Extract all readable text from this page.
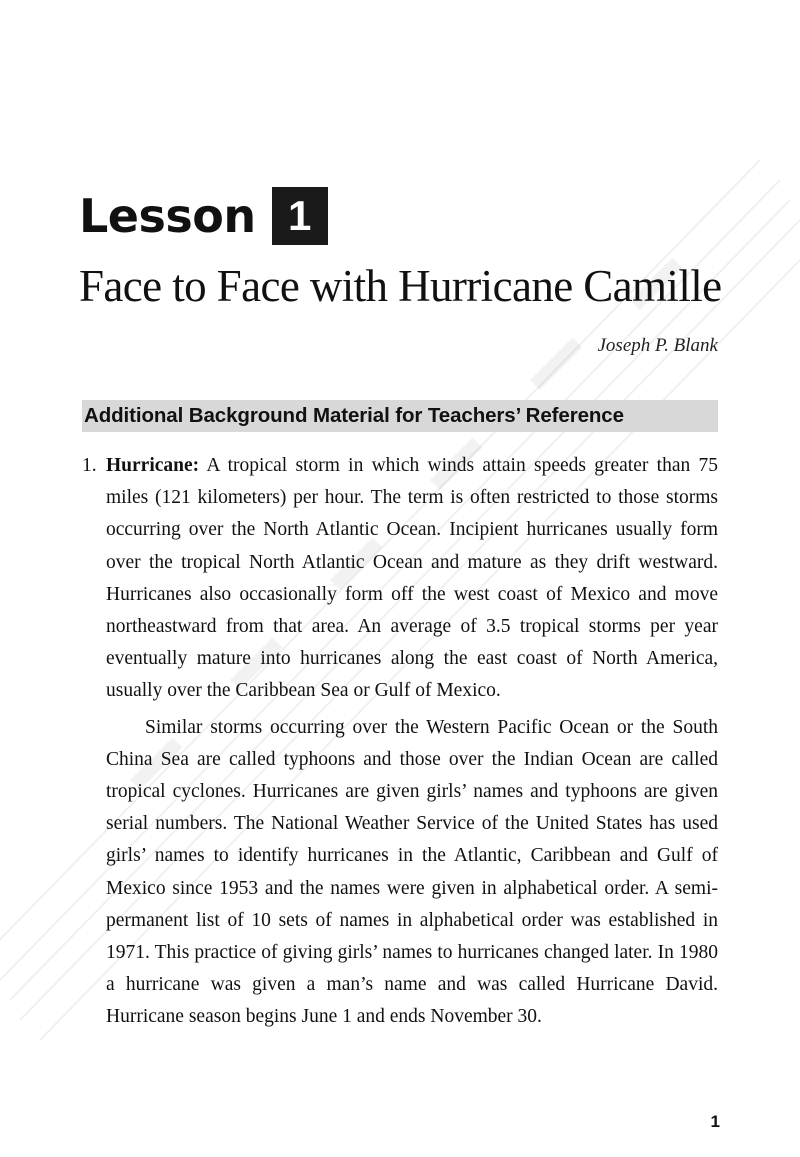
Lesson 1
Face to Face with Hurricane Camille
Joseph P. Blank
Additional Background Material for Teachers’ Reference
1. Hurricane: A tropical storm in which winds attain speeds greater than 75 miles (121 kilometers) per hour. The term is often restricted to those storms occurring over the North Atlantic Ocean. Incipient hurricanes usually form over the tropical North Atlantic Ocean and mature as they drift westward. Hurricanes also occasionally form off the west coast of Mexico and move northeastward from that area. An average of 3.5 tropical storms per year eventually mature into hurricanes along the east coast of North America, usually over the Caribbean Sea or Gulf of Mexico.

Similar storms occurring over the Western Pacific Ocean or the South China Sea are called typhoons and those over the Indian Ocean are called tropical cyclones. Hurricanes are given girls’ names and typhoons are given serial numbers. The National Weather Service of the United States has used girls’ names to identify hurricanes in the Atlantic, Caribbean and Gulf of Mexico since 1953 and the names were given in alphabetical order. A semi-permanent list of 10 sets of names in alphabetical order was established in 1971. This practice of giving girls’ names to hurricanes changed later. In 1980 a hurricane was given a man’s name and was called Hurricane David. Hurricane season begins June 1 and ends November 30.

1
